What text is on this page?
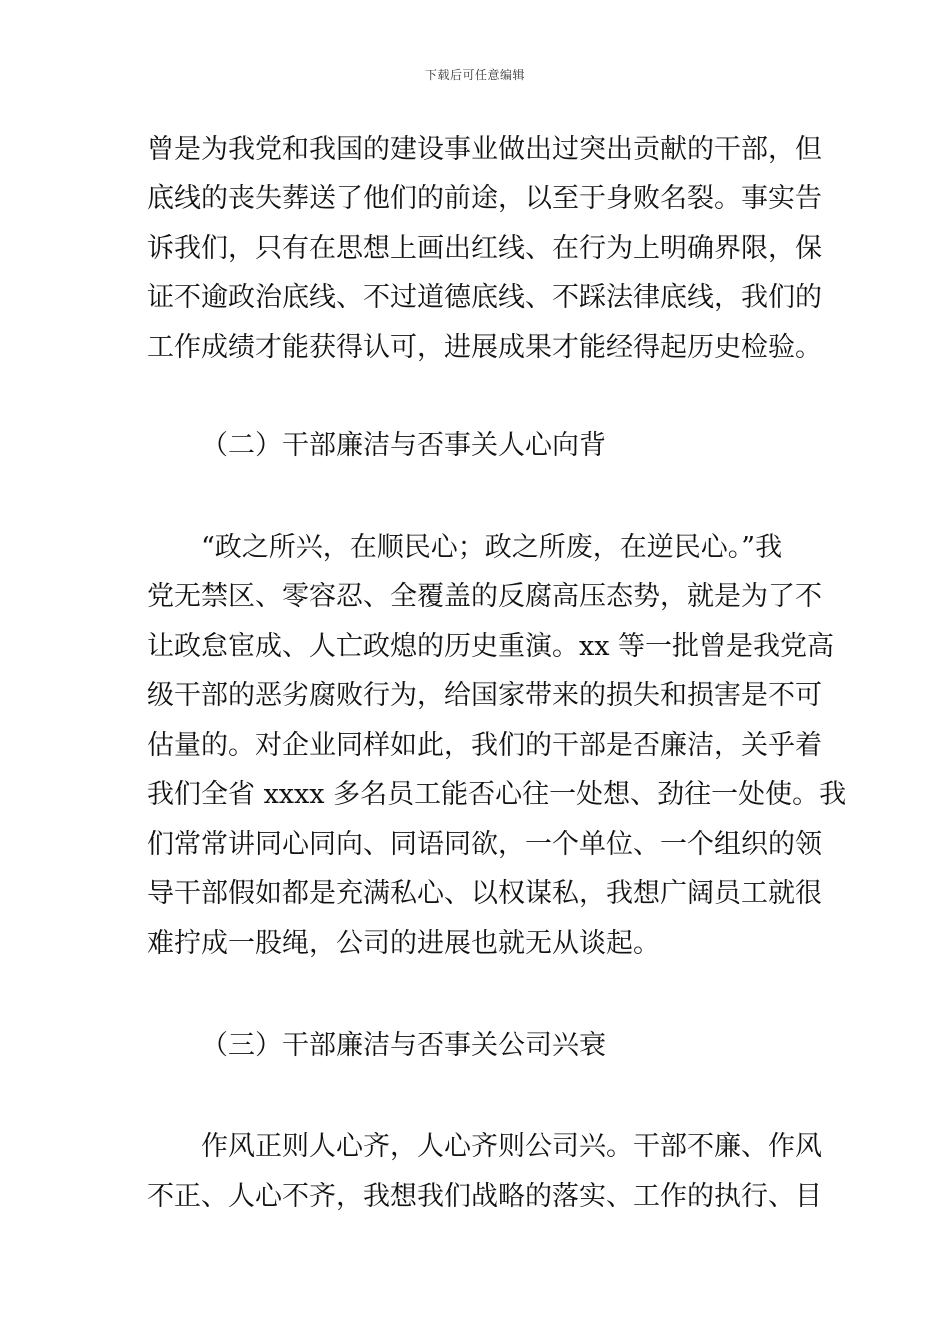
下载后可任意编辑
曾是为我党和我国的建设事业做出过突出贡献的干部，但
底线的丧失葬送了他们的前途，以至于身败名裂。事实告
诉我们，只有在思想上画出红线、在行为上明确界限，保
证不逾政治底线、不过道德底线、不踩法律底线，我们的
工作成绩才能获得认可，进展成果才能经得起历史检验。
（二）干部廉洁与否事关人心向背
“政之所兴，在顺民心；政之所废，在逆民心。”我
党无禁区、零容忍、全覆盖的反腐高压态势，就是为了不
让政怠宦成、人亡政熄的历史重演。xx 等一批曾是我党高
级干部的恶劣腐败行为，给国家带来的损失和损害是不可
估量的。对企业同样如此，我们的干部是否廉洁，关乎着
我们全省 xxxx 多名员工能否心往一处想、劲往一处使。我
们常常讲同心同向、同语同欲，一个单位、一个组织的领
导干部假如都是充满私心、以权谋私，我想广阔员工就很
难拧成一股绳，公司的进展也就无从谈起。
（三）干部廉洁与否事关公司兴衰
作风正则人心齐，人心齐则公司兴。干部不廉、作风
不正、人心不齐，我想我们战略的落实、工作的执行、目
